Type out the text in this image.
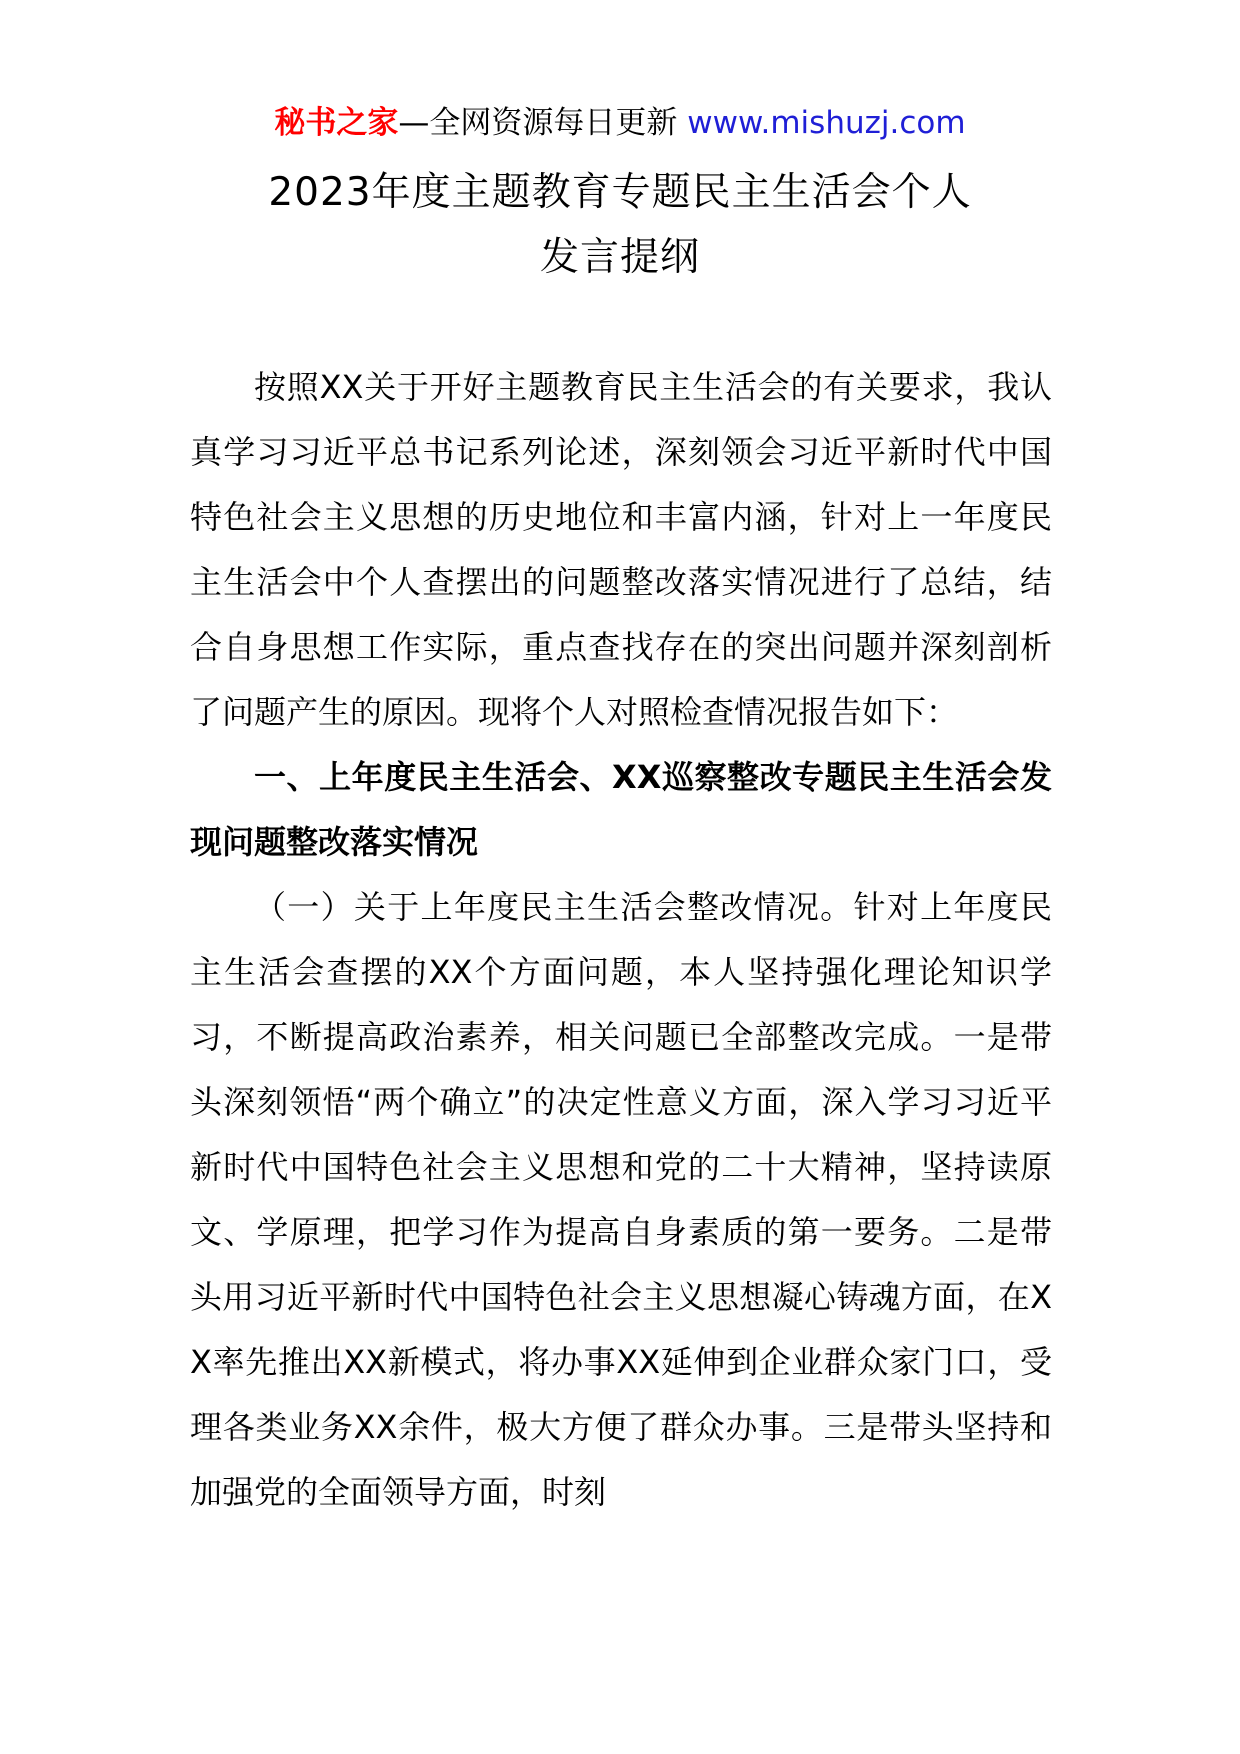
秘书之家—全网资源每日更新 www.mishuzj.com
2023年度主题教育专题民主生活会个人
发言提纲

按照XX关于开好主题教育民主生活会的有关要求，我认真学习习近平总书记系列论述，深刻领会习近平新时代中国特色社会主义思想的历史地位和丰富内涵，针对上一年度民主生活会中个人查摆出的问题整改落实情况进行了总结，结合自身思想工作实际，重点查找存在的突出问题并深刻剖析了问题产生的原因。现将个人对照检查情况报告如下：

一、上年度民主生活会、XX巡察整改专题民主生活会发现问题整改落实情况

（一）关于上年度民主生活会整改情况。针对上年度民主生活会查摆的XX个方面问题，本人坚持强化理论知识学习，不断提高政治素养，相关问题已全部整改完成。一是带头深刻领悟“两个确立”的决定性意义方面，深入学习习近平新时代中国特色社会主义思想和党的二十大精神，坚持读原文、学原理，把学习作为提高自身素质的第一要务。二是带头用习近平新时代中国特色社会主义思想凝心铸魂方面，在XX率先推出XX新模式，将办事XX延伸到企业群众家门口，受理各类业务XX余件，极大方便了群众办事。三是带头坚持和加强党的全面领导方面，时刻
